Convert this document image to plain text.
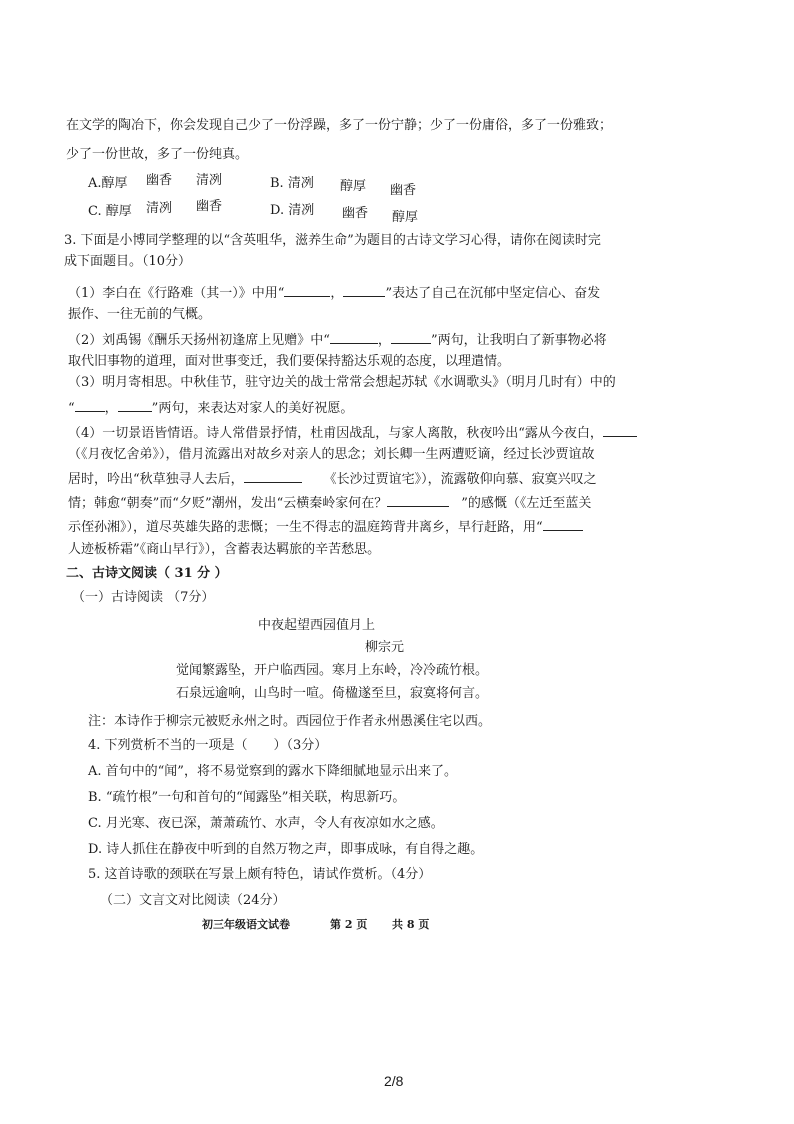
在文学的陶冶下，你会发现自己少了一份浮躁，多了一份宁静；少了一份庸俗，多了一份雅致；
少了一份世故，多了一份纯真。
A.醇厚 幽香 清冽	B. 清冽 醇厚 幽香
C. 醇厚 清冽 幽香	D. 清冽 幽香 醇厚
3. 下面是小博同学整理的以“含英咀华，滋养生命”为题目的古诗文学习心得，请你在阅读时完
成下面题目。（10分）
（1）李白在《行路难（其一）》中用“	，	”表达了自己在沉郁中坚定信心、奋发
振作、一往无前的气概。
（2）刘禹锡《酬乐天扬州初逢席上见赠》中“	，	”两句，让我明白了新事物必将
取代旧事物的道理，面对世事变迁，我们要保持豁达乐观的态度，以理遣情。
（3）明月寄相思。中秋佳节，驻守边关的战士常常会想起苏轼《水调歌头》（明月几时有）中的
“ ，	”两句，来表达对家人的美好祝愿。
（4）一切景语皆情语。诗人常借景抒情，杜甫因战乱，与家人离散，秋夜吟出“露从今夜白，
（《月夜忆舍弟》），借月流露出对故乡对亲人的思念；刘长卿一生两遭贬谪，经过长沙贾谊故
居时，吟出“秋草独寻人去后，	《长沙过贾谊宅》），流露敬仰向慕、寂寞兴叹之
情；韩愈“朝奏”而“夕贬”潮州，发出“云横秦岭家何在？	”的感慨（《左迁至蓝关
示侄孙湘》），道尽英雄失路的悲慨；一生不得志的温庭筠背井离乡，早行赶路，用“
人迹板桥霜”《商山早行》），含蓄表达羁旅的辛苦愁思。
二、古诗文阅读（ 31 分 ）
（一）古诗阅读 （7分）
中夜起望西园值月上
柳宗元
觉闻繁露坠，开户临西园。寒月上东岭，冷冷疏竹根。
石泉远逾响，山鸟时一喧。倚楹遂至旦，寂寞将何言。
注：本诗作于柳宗元被贬永州之时。西园位于作者永州愚溪住宅以西。
4. 下列赏析不当的一项是（　　）（3分）
A. 首句中的“闻”，将不易觉察到的露水下降细腻地显示出来了。
B. “疏竹根”一句和首句的“闻露坠”相关联，构思新巧。
C. 月光寒、夜已深，萧萧疏竹、水声，令人有夜凉如水之感。
D. 诗人抓住在静夜中听到的自然万物之声，即事成咏，有自得之趣。
5. 这首诗歌的颈联在写景上颇有特色，请试作赏析。（4分）
（二）文言文对比阅读（24分）
初三年级语文试卷	第 2 页 共 8 页
2/8
